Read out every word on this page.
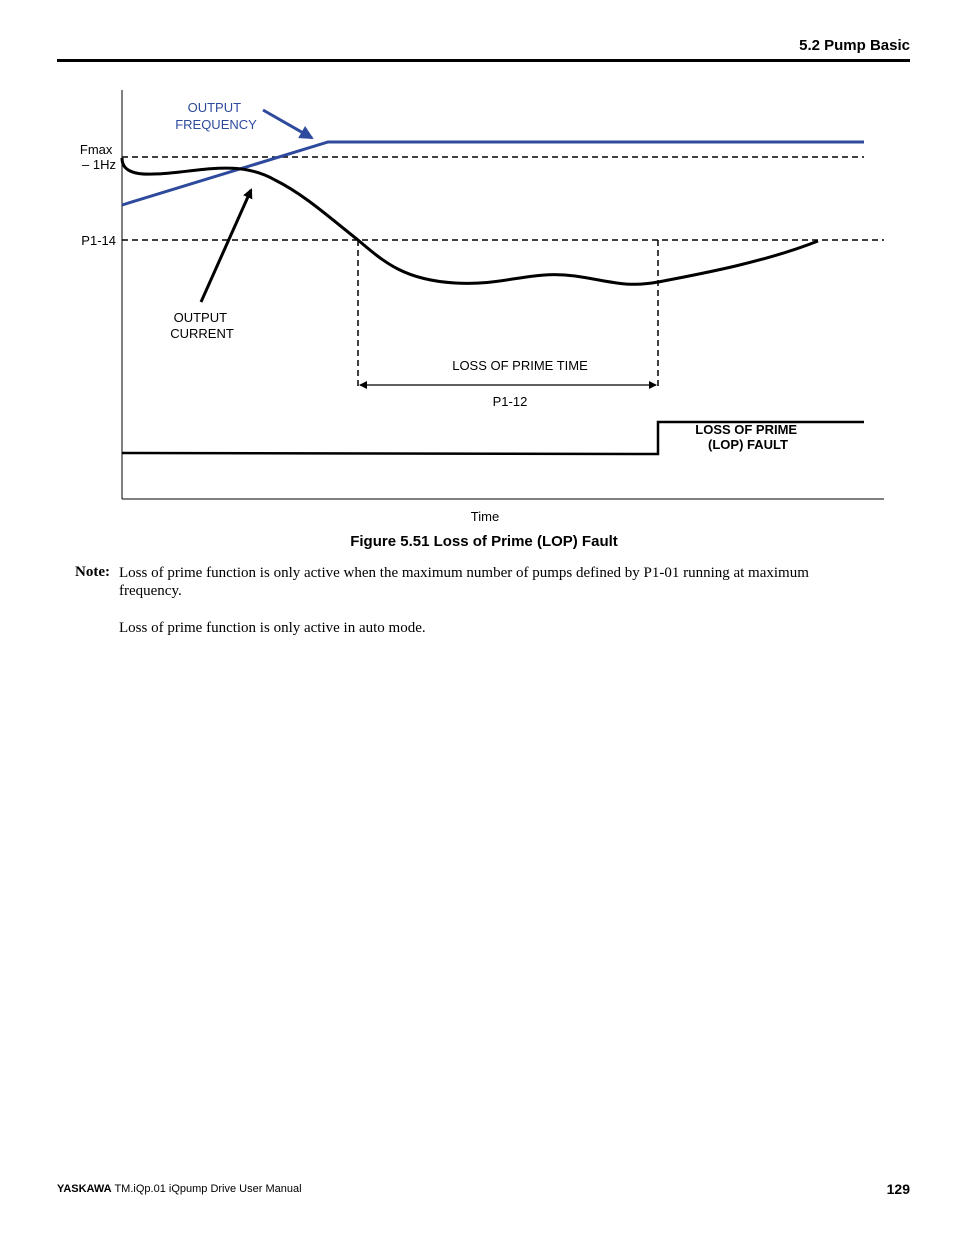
5.2 Pump Basic
OUTPUT FREQUENCY
Fmax – 1Hz
P1-14
OUTPUT CURRENT
LOSS OF PRIME TIME
P1-12
LOSS OF PRIME (LOP) FAULT
Time
Figure 5.51 Loss of Prime (LOP) Fault
Note: Loss of prime function is only active when the maximum number of pumps defined by P1-01 running at maximum frequency.
Loss of prime function is only active in auto mode.
YASKAWA TM.iQp.01 iQpump Drive User Manual	129
